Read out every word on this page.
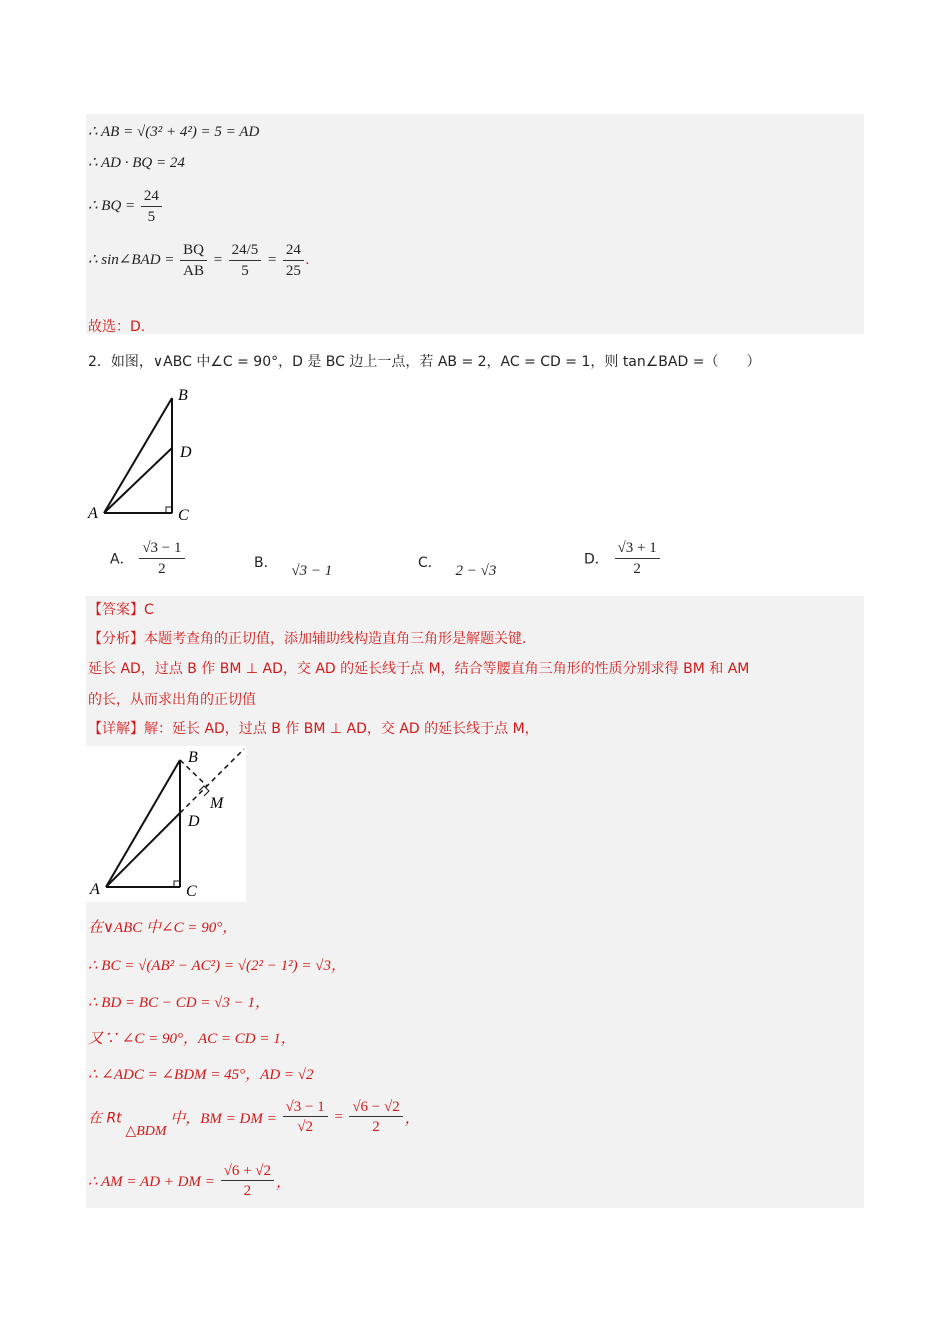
∴ AB = √(3² + 4²) = 5 = AD
∴ AD · BQ = 24
∴ BQ = $\frac{24}{5}$
∴ sin∠BAD = $\frac{BQ}{AB} = \frac{24/5}{5} = \frac{24}{25}$ .
故选：D.
2．如图，∨ABC 中∠C = 90°，D 是 BC 边上一点，若 AB = 2，AC = CD = 1，则 tan∠BAD =（　　）
B
D
A	C
A． $\frac{√3 - 1}{2}$	B． √3 − 1	C． 2 − √3
D． $\frac{√3 + 1}{2}$
【答案】C
【分析】本题考查角的正切值，添加辅助线构造直角三角形是解题关键.
延长 AD，过点 B 作 BM ⊥ AD，交 AD 的延长线于点 M，结合等腰直角三角形的性质分别求得 BM 和 AM
的长，从而求出角的正切值
【详解】解：延长 AD，过点 B 作 BM ⊥ AD，交 AD 的延长线于点 M，
B
M
D
A	C
在∨ABC 中∠C = 90°，
∴ BC = √(AB² − AC²) = √(2² − 1²) = √3，
∴ BD = BC − CD = √3 − 1，
又∵ ∠C = 90°，AC = CD = 1，
∴ ∠ADC = ∠BDM = 45°，AD = √2
在 Rt △BDM 中，BM = DM = $\frac{√3 - 1}{√2} = \frac{√6 - √2}{2}$ ，
∴ AM = AD + DM = $\frac{√6 + √2}{2}$ ，
